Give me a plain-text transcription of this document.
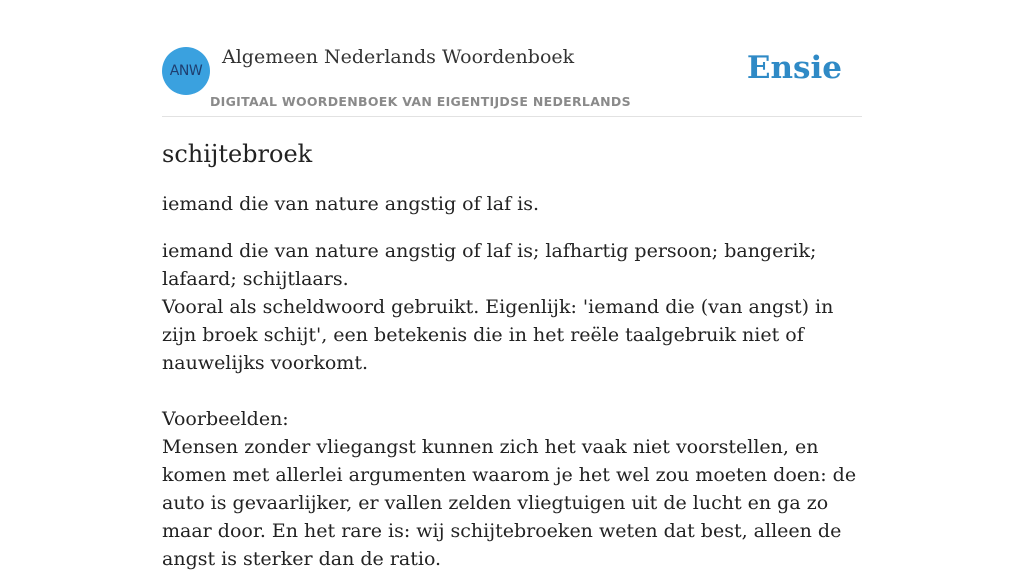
ANW
Algemeen Nederlands Woordenboek
DIGITAAL WOORDENBOEK VAN EIGENTIJDSE NEDERLANDS
Ensie
schijtebroek

iemand die van nature angstig of laf is.

iemand die van nature angstig of laf is; lafhartig persoon; bangerik; lafaard; schijtlaars.
Vooral als scheldwoord gebruikt. Eigenlijk: 'iemand die (van angst) in zijn broek schijt', een betekenis die in het reële taalgebruik niet of nauwelijks voorkomt.
Voorbeelden:
Mensen zonder vliegangst kunnen zich het vaak niet voorstellen, en komen met allerlei argumenten waarom je het wel zou moeten doen: de auto is gevaarlijker, er vallen zelden vliegtuigen uit de lucht en ga zo maar door. En het rare is: wij schijtebroeken weten dat best, alleen de angst is sterker dan de ratio.
